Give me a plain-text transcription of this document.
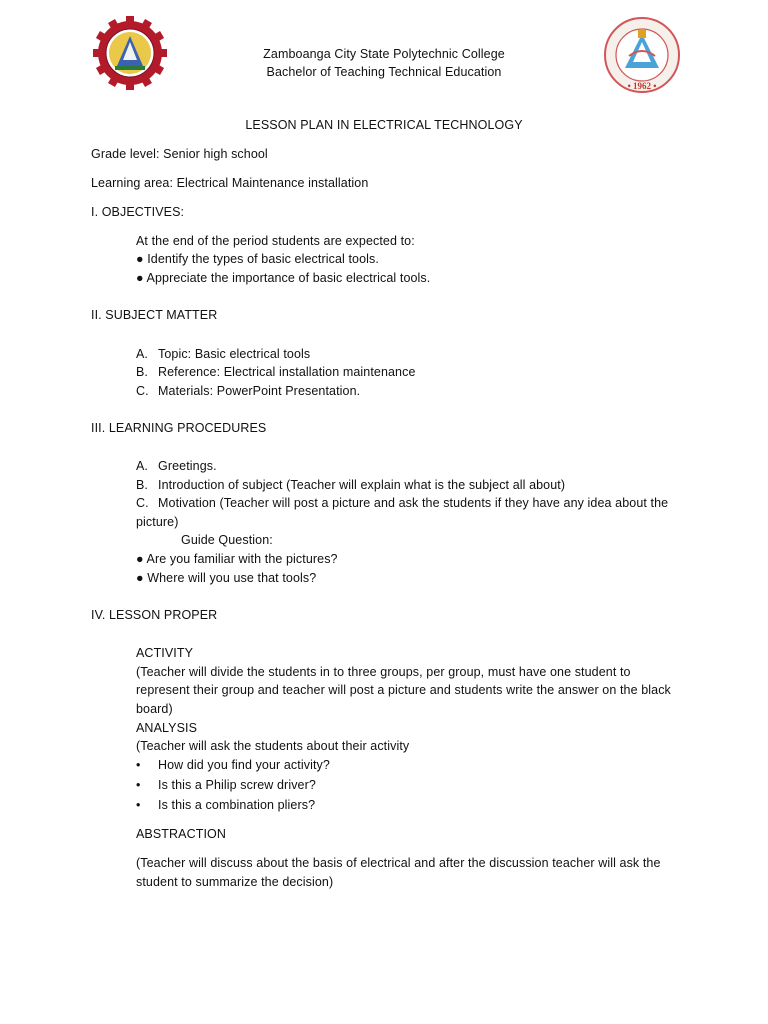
• 1962 •
Zamboanga City State Polytechnic College
Bachelor of Teaching Technical Education
LESSON PLAN IN ELECTRICAL TECHNOLOGY
Grade level: Senior high school
Learning area: Electrical Maintenance installation
I. OBJECTIVES:
At the end of the period students are expected to:
● Identify the types of basic electrical tools.
● Appreciate the importance of basic electrical tools.
II. SUBJECT MATTER
A. Topic: Basic electrical tools
B. Reference: Electrical installation maintenance
C. Materials: PowerPoint Presentation.
III. LEARNING PROCEDURES
A. Greetings.
B. Introduction of subject (Teacher will explain what is the subject all about)
C. Motivation (Teacher will post a picture and ask the students if they have any idea about the
picture)
Guide Question:
● Are you familiar with the pictures?
● Where will you use that tools?
IV. LESSON PROPER
ACTIVITY
(Teacher will divide the students in to three groups, per group, must have one student to
represent their group and teacher will post a picture and students write the answer on the black
board)
ANALYSIS
(Teacher will ask the students about their activity
• How did you find your activity?
• Is this a Philip screw driver?
• Is this a combination pliers?
ABSTRACTION
(Teacher will discuss about the basis of electrical and after the discussion teacher will ask the
student to summarize the decision)
